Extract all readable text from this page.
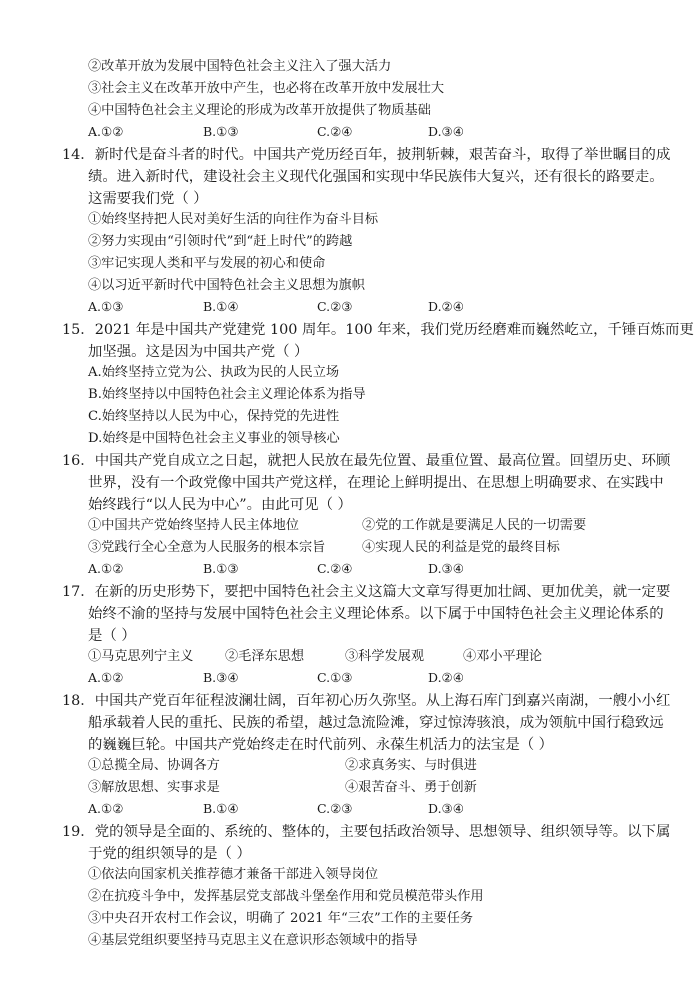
②改革开放为发展中国特色社会主义注入了强大活力
③社会主义在改革开放中产生，也必将在改革开放中发展壮大
④中国特色社会主义理论的形成为改革开放提供了物质基础
A.①②	B.①③	C.②④	D.③④
14．新时代是奋斗者的时代。中国共产党历经百年，披荆斩棘，艰苦奋斗，取得了举世瞩目的成
绩。进入新时代，建设社会主义现代化强国和实现中华民族伟大复兴，还有很长的路要走。
这需要我们党（ ）
①始终坚持把人民对美好生活的向往作为奋斗目标
②努力实现由“引领时代”到“赶上时代”的跨越
③牢记实现人类和平与发展的初心和使命
④以习近平新时代中国特色社会主义思想为旗帜
A.①③	B.①④	C.②③	D.②④
15．2021 年是中国共产党建党 100 周年。100 年来，我们党历经磨难而巍然屹立，千锤百炼而更
加坚强。这是因为中国共产党（ ）
A.始终坚持立党为公、执政为民的人民立场
B.始终坚持以中国特色社会主义理论体系为指导
C.始终坚持以人民为中心，保持党的先进性
D.始终是中国特色社会主义事业的领导核心
16．中国共产党自成立之日起，就把人民放在最先位置、最重位置、最高位置。回望历史、环顾
世界，没有一个政党像中国共产党这样，在理论上鲜明提出、在思想上明确要求、在实践中
始终践行“以人民为中心”。由此可见（ ）
①中国共产党始终坚持人民主体地位	②党的工作就是要满足人民的一切需要
③党践行全心全意为人民服务的根本宗旨	④实现人民的利益是党的最终目标
A.①②	B.①③	C.②④	D.③④
17．在新的历史形势下，要把中国特色社会主义这篇大文章写得更加壮阔、更加优美，就一定要
始终不渝的坚持与发展中国特色社会主义理论体系。以下属于中国特色社会主义理论体系的
是（ ）
①马克思列宁主义 ②毛泽东思想	③科学发展观	④邓小平理论
A.①②	B.③④	C.①③	D.②④
18．中国共产党百年征程波澜壮阔，百年初心历久弥坚。从上海石库门到嘉兴南湖，一艘小小红
船承载着人民的重托、民族的希望，越过急流险滩，穿过惊涛骇浪，成为领航中国行稳致远
的巍巍巨轮。中国共产党始终走在时代前列、永葆生机活力的法宝是（ ）
①总揽全局、协调各方	②求真务实、与时俱进
③解放思想、实事求是	④艰苦奋斗、勇于创新
A.①②	B.①④	C.②③	D.③④
19．党的领导是全面的、系统的、整体的，主要包括政治领导、思想领导、组织领导等。以下属
于党的组织领导的是（ ）
①依法向国家机关推荐德才兼备干部进入领导岗位
②在抗疫斗争中，发挥基层党支部战斗堡垒作用和党员模范带头作用
③中央召开农村工作会议，明确了 2021 年“三农”工作的主要任务
④基层党组织要坚持马克思主义在意识形态领域中的指导
